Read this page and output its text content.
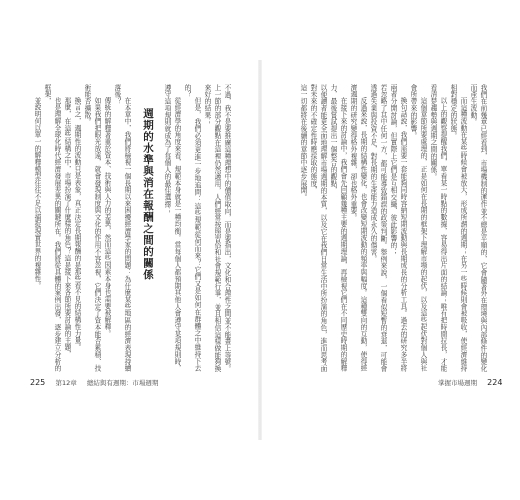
在本章中，我們將檢視一個長期以來困擾經濟學家的問題：為什麼某些地區的經濟表現持續落後？
傳統的解釋著重於資本、技術與人力的差異，然而這些因素本身也需要被解釋。
如果我們把眼光放遠，就會發現制度與文化的作用不容忽視，它們決定了資本能否累積、技術能否擴散。
換言之，週期性的波動只是表象，真正決定長期報酬的是那些看不見的結構性力量。
那麼，在這些結構之中，市場扮演了什麼樣的角色？這是接下來各節所要討論的主題，
也是理解全球化時代經濟發展差異的關鍵所在。我們將從具體的案例出發，逐步建立分析的框架，
並說明何以單一的解釋模型往往不足以捕捉現實世界的複雜性。	週期的水準與消在報酬之間的關係	不過，我不是要推廣這種理想中的價值取向，而是要指出，文化和合理性之間並不能畫上等號。上一節的部分觀點在這裡仍然適用，人們經常按照習俗和社會規範行事，並且相信這樣做能夠換來好的結果；
但是，我們必須更進一步地追問：這些規範從何而來？它們又是如何在群體之中維持下去的？
從經濟學的角度來看，規範本身就是一種均衡。當每個人都預期其他人會遵守某項規則時，遵守這項規則就成為了每個人的最佳選擇；
225 第12章 總結與有週期：市場週期
我們在前幾章已經看到，市場機制的運作並不總是平順的，它會隨著外在環境與內部條件的變化而產生波動。
而這種波動在某些時候會被放大，形成所謂的週期；在另一些時候則會被吸收，使經濟維持相對穩定的狀態。
以上的觀察提醒我們，單看某一時點的數據，容易得出片面的結論；唯有把時間拉長，才能看清楚趨勢與週期之間的關係。
這個章節所要處理的，正是如何在長期的框架下理解市場的起伏，以及這些起伏對個人與社會所帶來的影響。
換句話說，我們需要一套能夠同時容納短期波動與長期成長的分析工具。過去的研究多半將兩者分開討論，但實際上它們是互相交織、彼此影響的；
若忽略了其中任何一方，都可能導致錯誤的政策判斷。舉例來說，一個看似短暫的衰退，可能會透過失業與投資不足，對長期的生產能力造成永久的傷害。
反過來說，長期的結構性變化，也會改變短期波動的頻率與幅度。這種雙向的互動，使得經濟週期的研究變得格外複雜，卻也格外重要。
在接下來的討論中，我們會先回顧幾種主要的週期理論，再檢視它們在不同歷史時期的解釋力，最後嘗試提出一個整合的觀點，
以便讀者能更全面地理解市場週期的本質，以及它在我們日常生活中所扮演的角色，進而思考面對未來的不確定性時應採取的態度，
這一切都將在後續的章節中逐步展開。
掌握市場週期 224
